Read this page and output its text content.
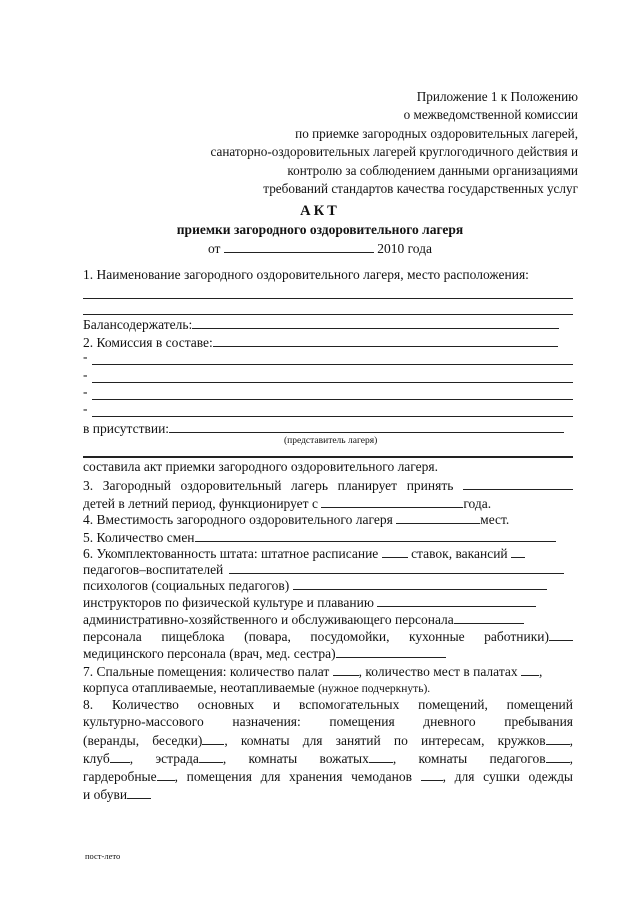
Приложение 1 к Положению
о межведомственной комиссии
по приемке загородных оздоровительных лагерей,
санаторно-оздоровительных лагерей круглогодичного действия и
контролю за соблюдением данными организациями
требований стандартов качества государственных услуг
АКТ
приемки загородного оздоровительного лагеря
от	2010 года
1. Наименование загородного оздоровительного лагеря, место расположения:
Балансодержатель:
2. Комиссия в составе:
-
-
-
-
в присутствии:
(представитель лагеря)
составила акт приемки загородного оздоровительного лагеря.
3. Загородный оздоровительный лагерь планирует принять
детей в летний период, функционирует с	года.
4. Вместимость загородного оздоровительного лагеря	мест.
5. Количество смен
6. Укомплектованность штата: штатное расписание ставок, вакансий
педагогов–воспитателей
психологов (социальных педагогов)
инструкторов по физической культуре и плаванию
административно-хозяйственного и обслуживающего персонала
персонала пищеблока (повара, посудомойки, кухонные работники)
медицинского персонала (врач, мед. сестра)
7. Спальные помещения: количество палат , количество мест в палатах ,
корпуса отапливаемые, неотапливаемые (нужное подчеркнуть).
8. Количество основных и вспомогательных помещений, помещений
культурно-массового назначения: помещения дневного пребывания
(веранды, беседки) , комнаты для занятий по интересам, кружков ,
клуб , эстрада , комнаты вожатых , комнаты педагогов ,
гардеробные , помещения для хранения чемоданов , для сушки одежды
и обуви
пост-лето
